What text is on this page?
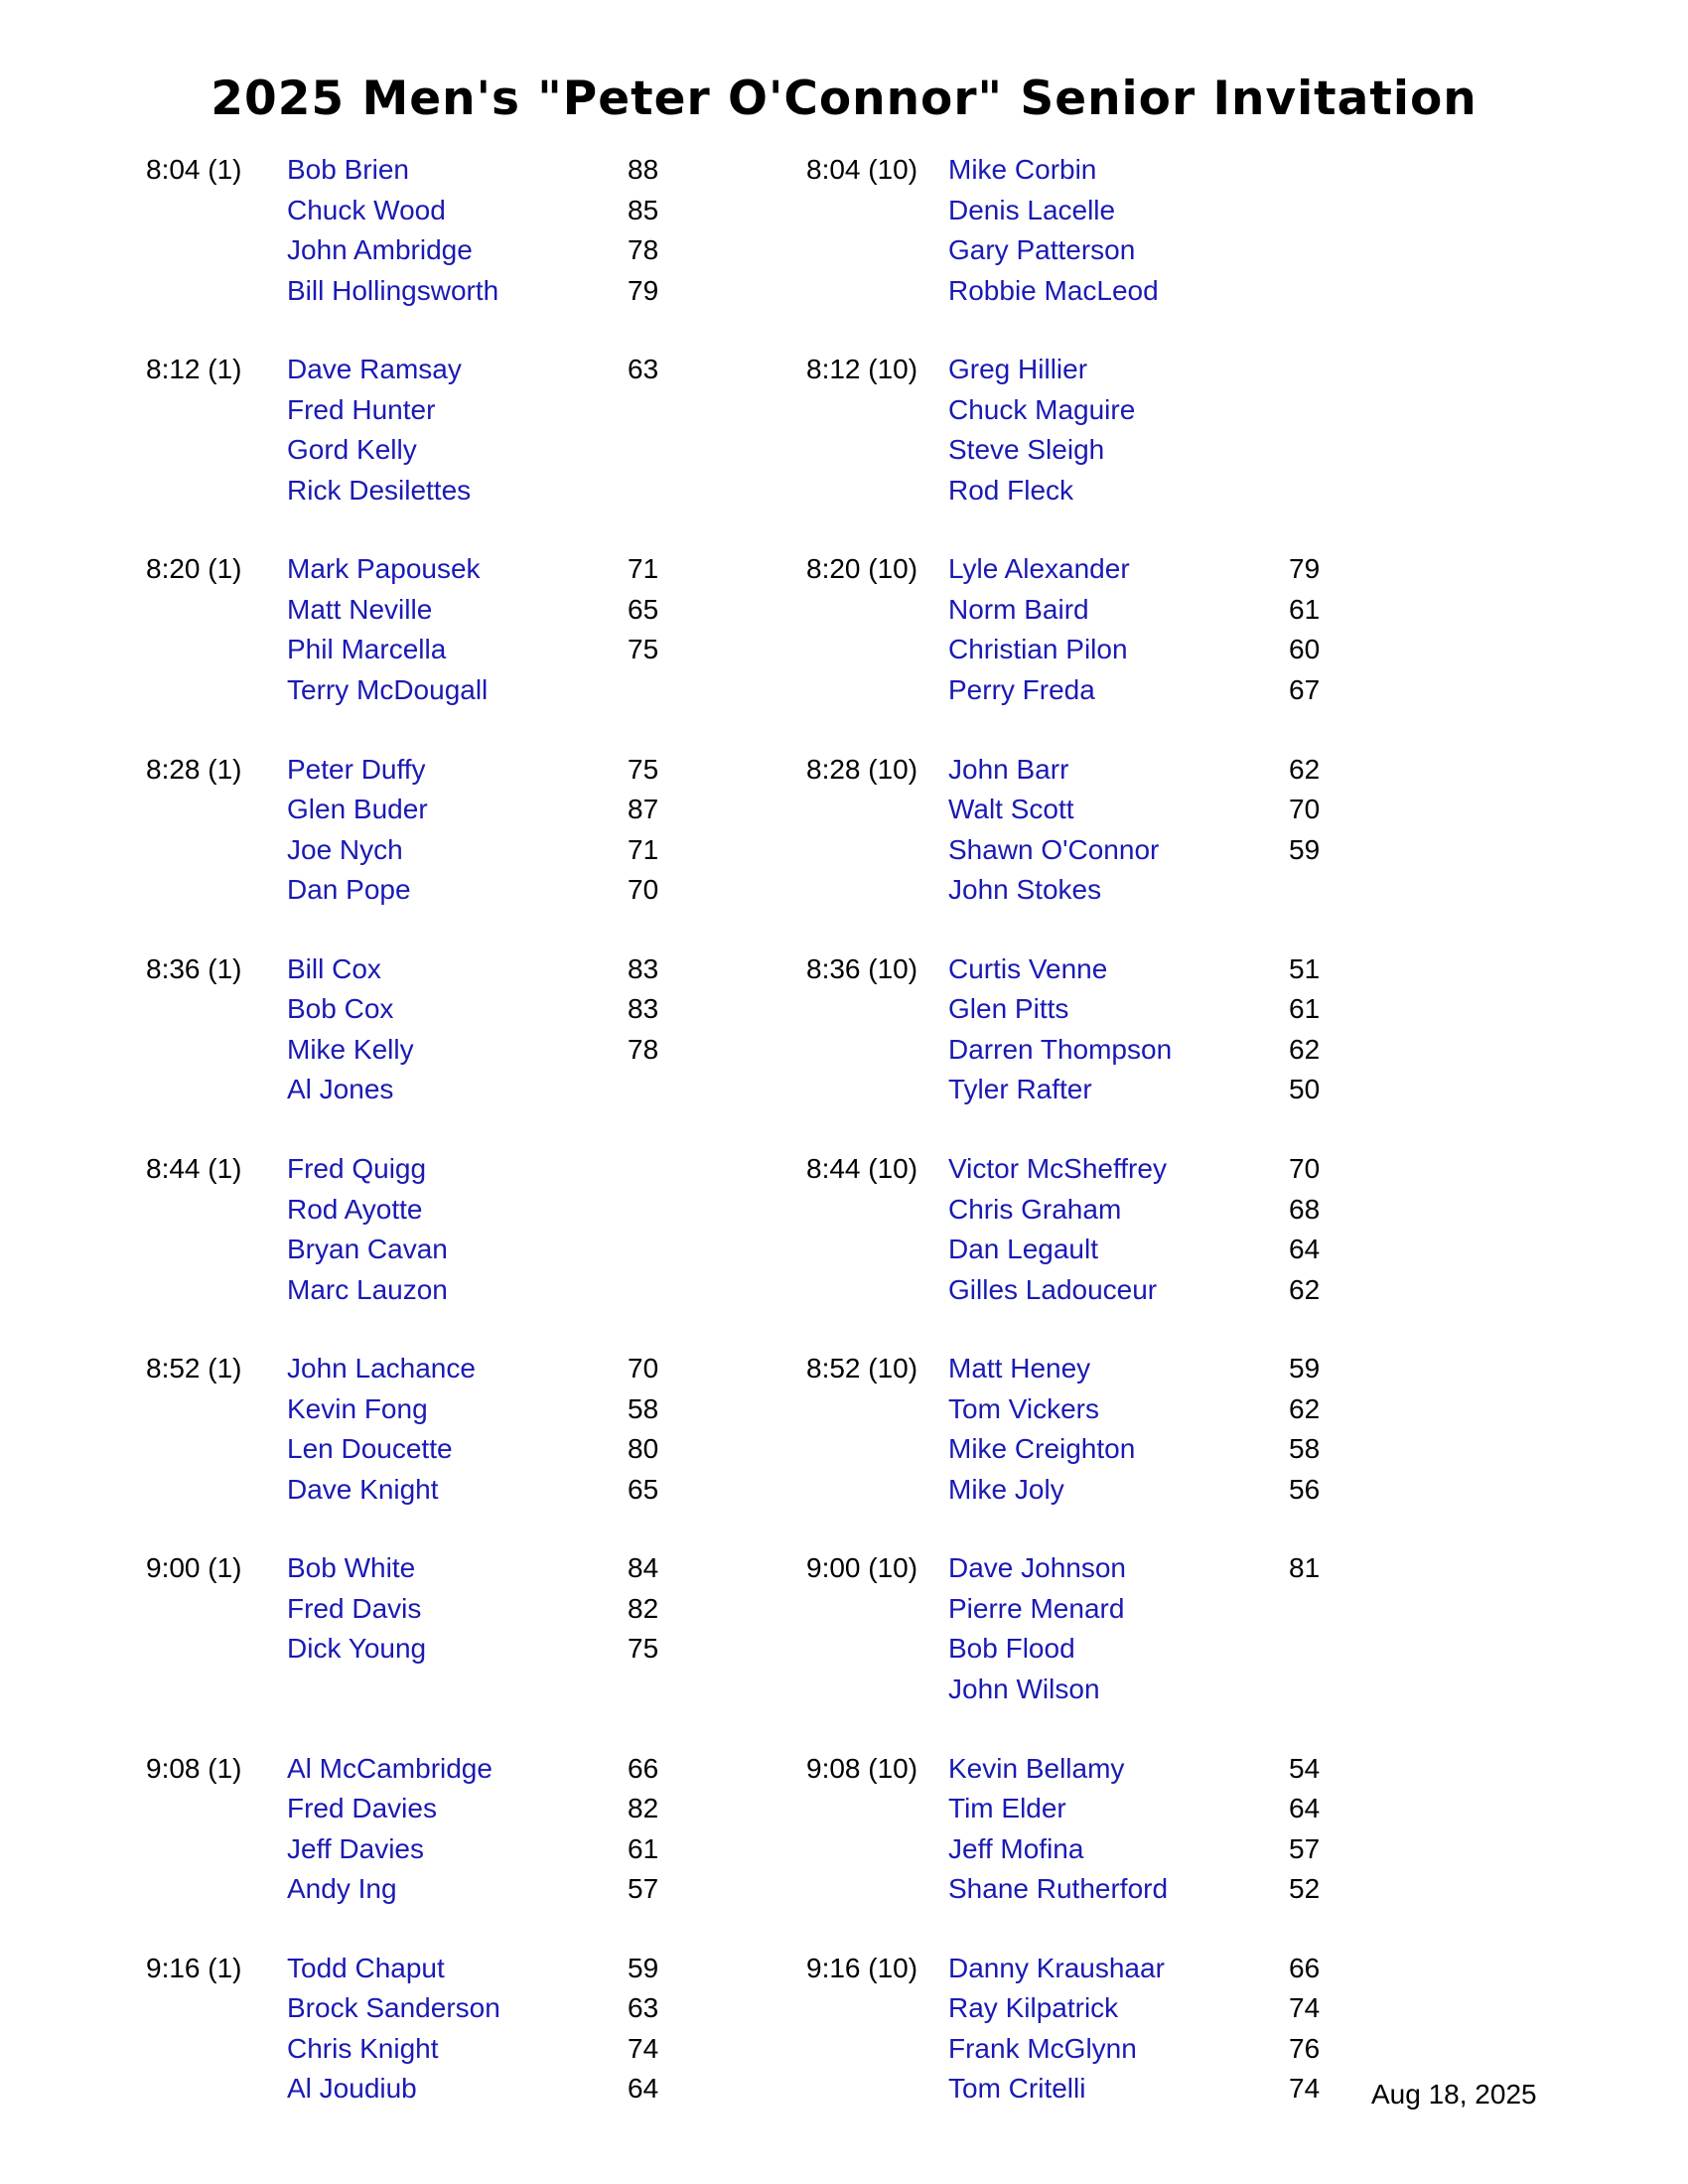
2025 Men's "Peter O'Connor" Senior Invitation
8:04 (1) Bob Brien	88
Chuck Wood	85
John Ambridge	78
Bill Hollingsworth	79
8:12 (1) Dave Ramsay	63
Fred Hunter
Gord Kelly
Rick Desilettes
8:20 (1) Mark Papousek	71
Matt Neville	65
Phil Marcella	75
Terry McDougall
8:28 (1) Peter Duffy	75
Glen Buder	87
Joe Nych	71
Dan Pope	70
8:36 (1) Bill Cox	83
Bob Cox	83
Mike Kelly	78
Al Jones
8:44 (1) Fred Quigg
Rod Ayotte
Bryan Cavan
Marc Lauzon
8:52 (1) John Lachance	70
Kevin Fong	58
Len Doucette	80
Dave Knight	65
9:00 (1) Bob White	84
Fred Davis	82
Dick Young	75
9:08 (1) Al McCambridge	66
Fred Davies	82
Jeff Davies	61
Andy Ing	57
9:16 (1) Todd Chaput	59
Brock Sanderson	63
Chris Knight	74
Al Joudiub	64
8:04 (10) Mike Corbin
Denis Lacelle
Gary Patterson
Robbie MacLeod
8:12 (10) Greg Hillier
Chuck Maguire
Steve Sleigh
Rod Fleck
8:20 (10) Lyle Alexander	79
Norm Baird	61
Christian Pilon	60
Perry Freda	67
8:28 (10) John Barr	62
Walt Scott	70
Shawn O'Connor	59
John Stokes
8:36 (10) Curtis Venne	51
Glen Pitts	61
Darren Thompson	62
Tyler Rafter	50
8:44 (10) Victor McSheffrey	70
Chris Graham	68
Dan Legault	64
Gilles Ladouceur	62
8:52 (10) Matt Heney	59
Tom Vickers	62
Mike Creighton	58
Mike Joly	56
9:00 (10) Dave Johnson	81
Pierre Menard
Bob Flood
John Wilson
9:08 (10) Kevin Bellamy	54
Tim Elder	64
Jeff Mofina	57
Shane Rutherford	52
9:16 (10) Danny Kraushaar	66
Ray Kilpatrick	74
Frank McGlynn	76
Tom Critelli	74 Aug 18, 2025
